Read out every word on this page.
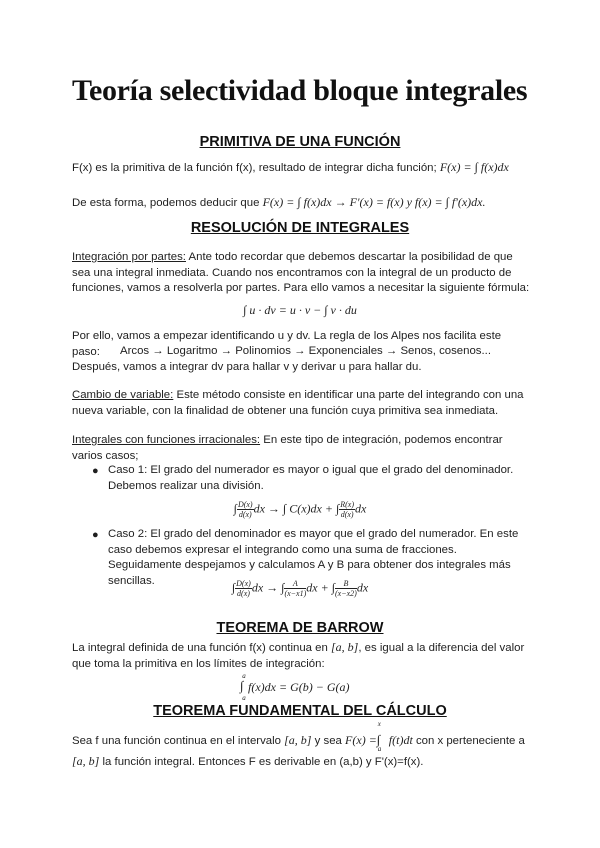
Teoría selectividad bloque integrales
PRIMITIVA DE UNA FUNCIÓN

F(x) es la primitiva de la función f(x), resultado de integrar dicha función; F(x) = ∫ f(x)dx

De esta forma, podemos deducir que F(x) = ∫ f(x)dx → F'(x) = f(x) y f(x) = ∫ f'(x)dx.

RESOLUCIÓN DE INTEGRALES

Integración por partes: Ante todo recordar que debemos descartar la posibilidad de que sea una integral inmediata. Cuando nos encontramos con la integral de un producto de funciones, vamos a resolverla por partes. Para ello vamos a necesitar la siguiente fórmula:

∫ u · dv = u · v − ∫ v · du

Por ello, vamos a empezar identificando u y dv. La regla de los Alpes nos facilita este paso:	Arcos → Logaritmo → Polinomios → Exponenciales → Senos, cosenos...

Después, vamos a integrar dv para hallar v y derivar u para hallar du.

Cambio de variable: Este método consiste en identificar una parte del integrando con una nueva variable, con la finalidad de obtener una función cuya primitiva sea inmediata.

Integrales con funciones irracionales: En este tipo de integración, podemos encontrar varios casos;

● Caso 1: El grado del numerador es mayor o igual que el grado del denominador. Debemos realizar una división.

∫ $\frac{D(x)}{d(x)}$ dx → ∫ C(x)dx + ∫ $\frac{R(x)}{d(x)}$ dx
● Caso 2: El grado del denominador es mayor que el grado del numerador. En este caso debemos expresar el integrando como una suma de fracciones. Seguidamente despejamos y calculamos A y B para obtener dos integrales más sencillas.	∫ $\frac{D(x)}{d(x)}$ dx → ∫ $\frac{A}{(x-x1)}$ dx + ∫ $\frac{B}{(x-x2)}$ dx
TEOREMA DE BARROW

La integral definida de una función f(x) continua en [a, b], es igual a la diferencia del valor que toma la primitiva en los límites de integración:

a
∫
a
f(x)dx = G(b) − G(a)
TEOREMA FUNDAMENTAL DEL CÁLCULO

Sea f una función continua en el intervalo [a, b] y sea F(x) =
x
∫
a
f(t)dt con x perteneciente a

[a, b] la función integral. Entonces F es derivable en (a,b) y F'(x)=f(x).
